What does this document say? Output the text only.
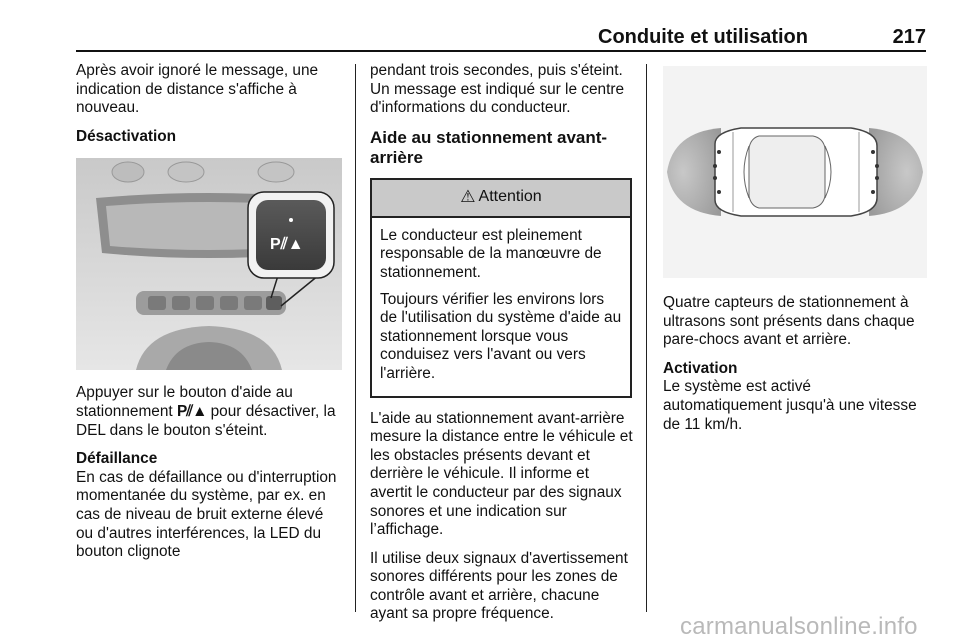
Conduite et utilisation	217

Après avoir ignoré le message, une indication de distance s'affiche à nouveau.

Désactivation

P⫽▲

Appuyer sur le bouton d'aide au stationnement P⫽▲ pour désactiver, la DEL dans le bouton s'éteint.

Défaillance

En cas de défaillance ou d'interruption momentanée du système, par ex. en cas de niveau de bruit externe élevé ou d'autres interférences, la LED du bouton clignote

pendant trois secondes, puis s'éteint. Un message est indiqué sur le centre d'informations du conducteur.

Aide au stationnement avant-arrière
⚠ Attention

Le conducteur est pleinement responsable de la manœuvre de stationnement.

Toujours vérifier les environs lors de l'utilisation du système d'aide au stationnement lorsque vous conduisez vers l'avant ou vers l'arrière.

L'aide au stationnement avant-arrière mesure la distance entre le véhicule et les obstacles présents devant et derrière le véhicule. Il informe et avertit le conducteur par des signaux sonores et une indication sur l’affichage.

Il utilise deux signaux d'avertissement sonores différents pour les zones de contrôle avant et arrière, chacune ayant sa propre fréquence.

Quatre capteurs de stationnement à ultrasons sont présents dans chaque pare-chocs avant et arrière.

Activation

Le système est activé automatiquement jusqu'à une vitesse de 11 km/h.

carmanualsonline.info
